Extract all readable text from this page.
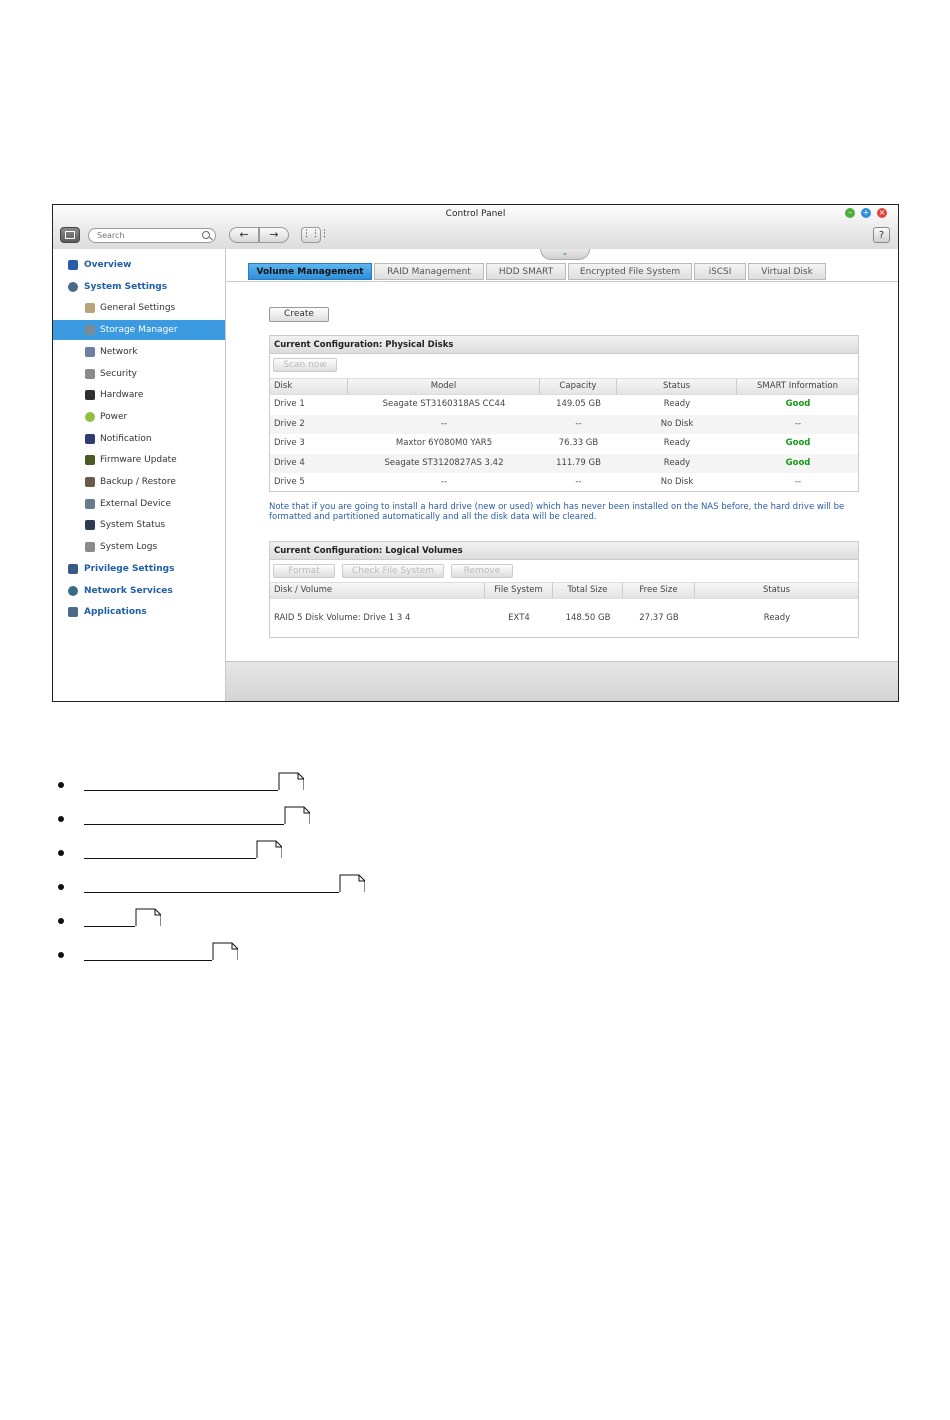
Control Panel	–	+ ×
Search
←	→	⋮⋮⋮	?
Overview
System Settings
General Settings
Storage Manager
Network
Security
Hardware
Power
Notification
Firmware Update
Backup / Restore
External Device
System Status
System Logs
Privilege Settings
Network Services
Applications
Volume Management	RAID Management	HDD SMART	Encrypted File System	iSCSI	Virtual Disk
Create
Current Configuration: Physical Disks
Scan now
Disk	Model	Capacity	Status	SMART Information
Drive 1	Seagate ST3160318AS CC44	149.05 GB	Ready	Good
Drive 2	--	--	No Disk	--
Drive 3	Maxtor 6Y080M0 YAR5	76.33 GB	Ready	Good
Drive 4	Seagate ST3120827AS 3.42	111.79 GB	Ready	Good
Drive 5	--	--	No Disk	--
Note that if you are going to install a hard drive (new or used) which has never been installed on the NAS before, the hard drive will be formatted and partitioned automatically and all the disk data will be cleared.
Current Configuration: Logical Volumes
Format	Check File System	Remove
Disk / Volume	File System	Total Size	Free Size	Status
RAID 5 Disk Volume: Drive 1 3 4	EXT4	148.50 GB	27.37 GB	Ready
⌄
